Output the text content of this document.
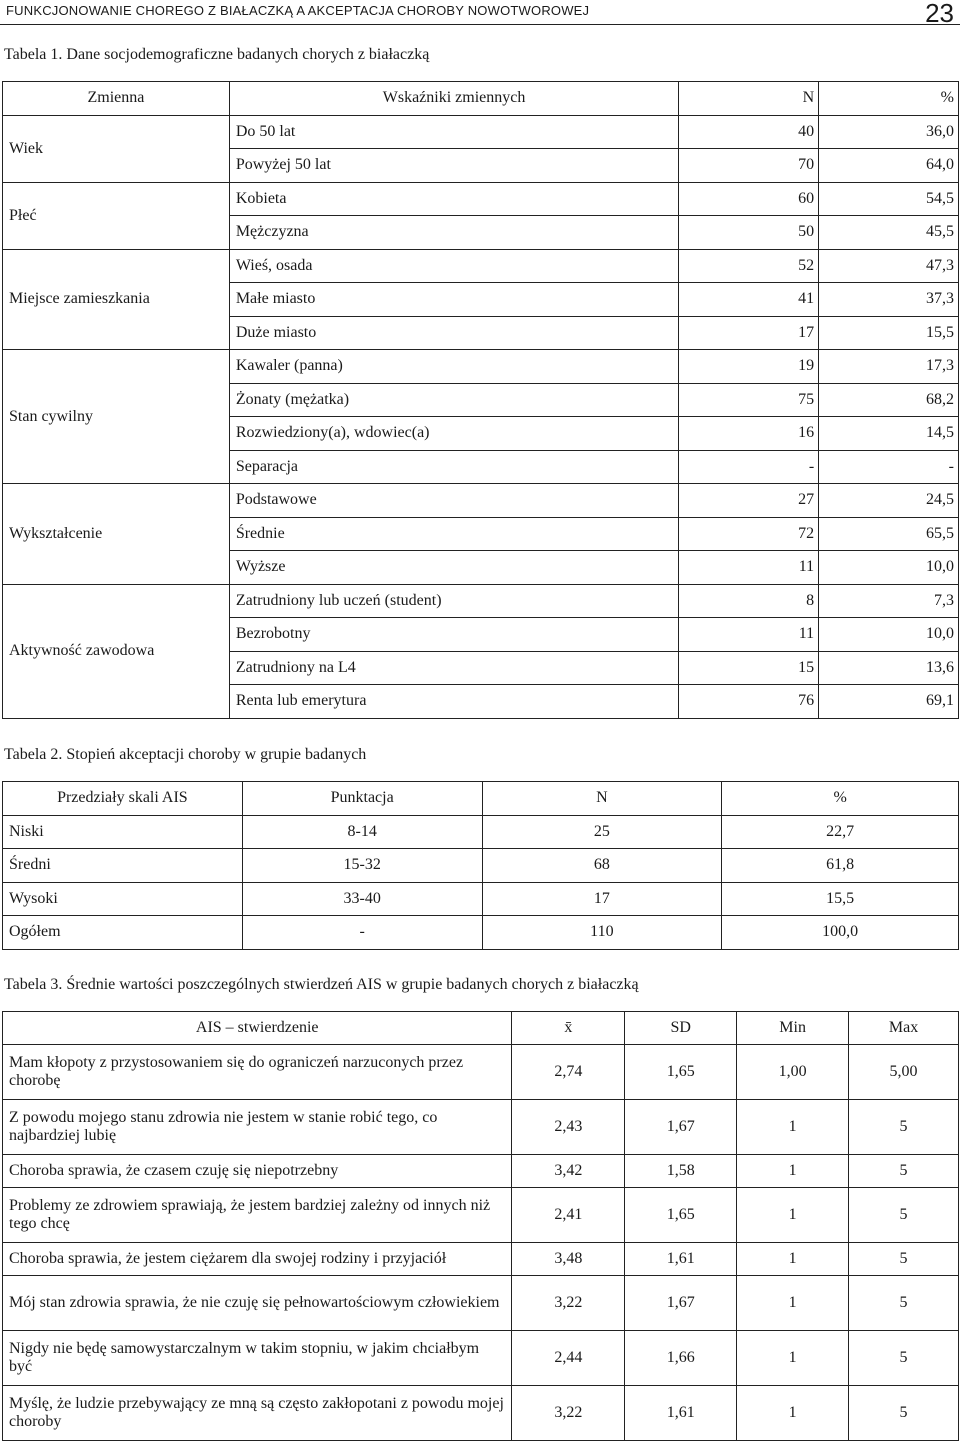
FUNKCJONOWANIE CHOREGO Z BIAŁACZKĄ A AKCEPTACJA CHOROBY NOWOTWOROWEJ	23
Tabela 1. Dane socjodemograficzne badanych chorych z białaczką
Zmienna	Wskaźniki zmiennych	N	%
Wiek	Do 50 lat	40	36,0
	Powyżej 50 lat	70	64,0
Płeć	Kobieta	60	54,5
	Mężczyzna	50	45,5
Miejsce zamieszkania	Wieś, osada	52	47,3
	Małe miasto	41	37,3
	Duże miasto	17	15,5
Stan cywilny	Kawaler (panna)	19	17,3
	Żonaty (mężatka)	75	68,2
	Rozwiedziony(a), wdowiec(a)	16	14,5
	Separacja	-	-
Wykształcenie	Podstawowe	27	24,5
	Średnie	72	65,5
	Wyższe	11	10,0
Aktywność zawodowa	Zatrudniony lub uczeń (student)	8	7,3
	Bezrobotny	11	10,0
	Zatrudniony na L4	15	13,6
	Renta lub emerytura	76	69,1
Tabela 2. Stopień akceptacji choroby w grupie badanych
Przedziały skali AIS	Punktacja	N	%
Niski	8-14	25	22,7
Średni	15-32	68	61,8
Wysoki	33-40	17	15,5
Ogółem	-	110	100,0
Tabela 3. Średnie wartości poszczególnych stwierdzeń AIS w grupie badanych chorych z białaczką
AIS – stwierdzenie	x̄	SD	Min	Max
Mam kłopoty z przystosowaniem się do ograniczeń narzuconych przez chorobę	2,74	1,65	1,00	5,00
Z powodu mojego stanu zdrowia nie jestem w stanie robić tego, co najbardziej lubię	2,43	1,67	1	5
Choroba sprawia, że czasem czuję się niepotrzebny	3,42	1,58	1	5
Problemy ze zdrowiem sprawiają, że jestem bardziej zależny od innych niż tego chcę	2,41	1,65	1	5
Choroba sprawia, że jestem ciężarem dla swojej rodziny i przyjaciół	3,48	1,61	1	5
Mój stan zdrowia sprawia, że nie czuję się pełnowartościowym człowiekiem	3,22	1,67	1	5
Nigdy nie będę samowystarczalnym w takim stopniu, w jakim chciałbym być	2,44	1,66	1	5
Myślę, że ludzie przebywający ze mną są często zakłopotani z powodu mojej choroby	3,22	1,61	1	5
